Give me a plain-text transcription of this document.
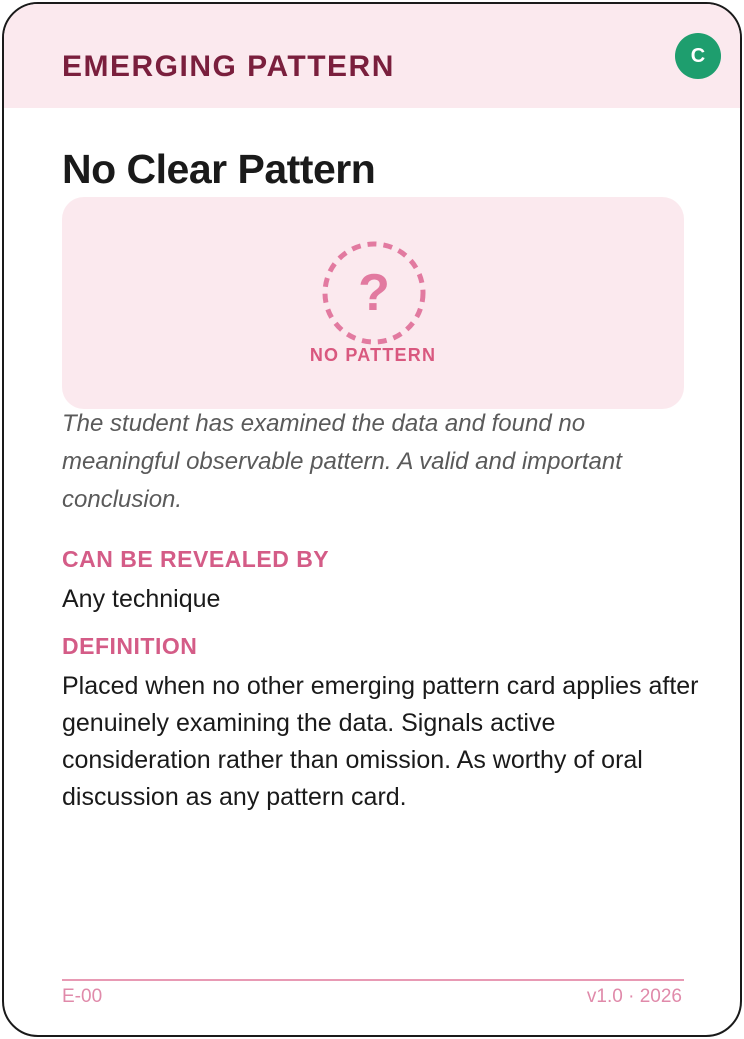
EMERGING PATTERN	C
No Clear Pattern
?
NO PATTERN
The student has examined the data and found no meaningful observable pattern. A valid and important conclusion.
CAN BE REVEALED BY
Any technique
DEFINITION
Placed when no other emerging pattern card applies after genuinely examining the data. Signals active consideration rather than omission. As worthy of oral discussion as any pattern card.
E-00	v1.0 · 2026
